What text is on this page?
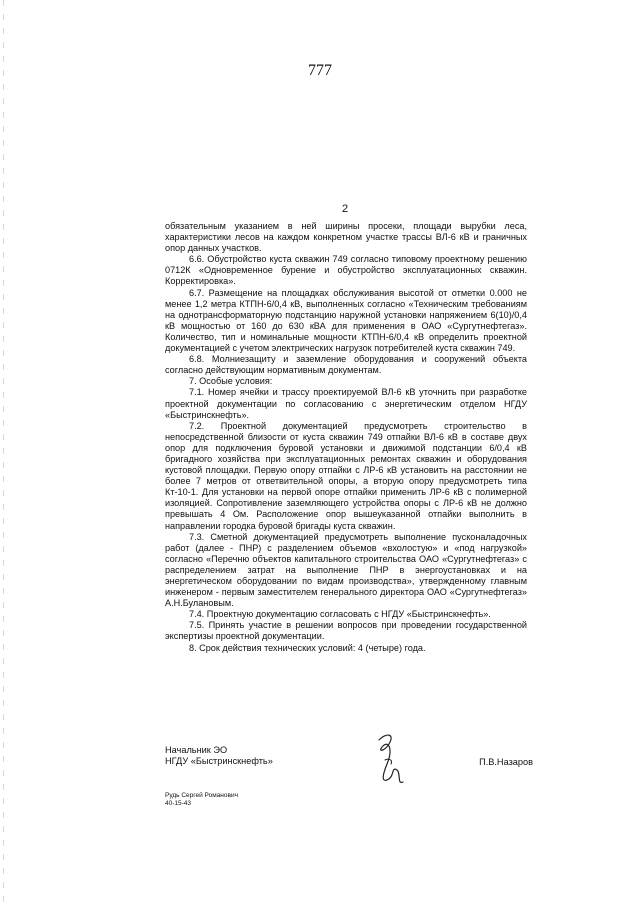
777
2

обязательным указанием в ней ширины просеки, площади вырубки леса, характеристики лесов на каждом конкретном участке трассы ВЛ-6 кВ и граничных опор данных участков.

6.6. Обустройство куста скважин 749 согласно типовому проектному решению 0712К «Одновременное бурение и обустройство эксплуатационных скважин. Корректировка».

6.7. Размещение на площадках обслуживания высотой от отметки 0.000 не менее 1,2 метра КТПН-6/0,4 кВ, выполненных согласно «Техническим требованиям на однотрансформаторную подстанцию наружной установки напряжением 6(10)/0,4 кВ мощностью от 160 до 630 кВА для применения в ОАО «Сургутнефтегаз». Количество, тип и номинальные мощности КТПН-6/0,4 кВ определить проектной документацией с учетом электрических нагрузок потребителей куста скважин 749.

6.8. Молниезащиту и заземление оборудования и сооружений объекта согласно действующим нормативным документам.

7. Особые условия:

7.1. Номер ячейки и трассу проектируемой ВЛ-6 кВ уточнить при разработке проектной документации по согласованию с энергетическим отделом НГДУ «Быстринскнефть».

7.2. Проектной документацией предусмотреть строительство в непосредственной близости от куста скважин 749 отпайки ВЛ-6 кВ в составе двух опор для подключения буровой установки и движимой подстанции 6/0,4 кВ бригадного хозяйства при эксплуатационных ремонтах скважин и оборудования кустовой площадки. Первую опору отпайки с ЛР-6 кВ установить на расстоянии не более 7 метров от ответвительной опоры, а вторую опору предусмотреть типа Кт-10-1. Для установки на первой опоре отпайки применить ЛР-6 кВ с полимерной изоляцией. Сопротивление заземляющего устройства опоры с ЛР-6 кВ не должно превышать 4 Ом. Расположение опор вышеуказанной отпайки выполнить в направлении городка буровой бригады куста скважин.

7.3. Сметной документацией предусмотреть выполнение пусконаладочных работ (далее - ПНР) с разделением объемов «вхолостую» и «под нагрузкой» согласно «Перечню объектов капитального строительства ОАО «Сургутнефтегаз» с распределением затрат на выполнение ПНР в энергоустановках и на энергетическом оборудовании по видам производства», утвержденному главным инженером - первым заместителем генерального директора ОАО «Сургутнефтегаз» А.Н.Булановым.

7.4. Проектную документацию согласовать с НГДУ «Быстринскнефть».

7.5. Принять участие в решении вопросов при проведении государственной экспертизы проектной документации.

8. Срок действия технических условий: 4 (четыре) года.

Начальник ЭО
НГДУ «Быстринскнефть»	П.В.Назаров
Рудь Сергей Романович
40-15-43
